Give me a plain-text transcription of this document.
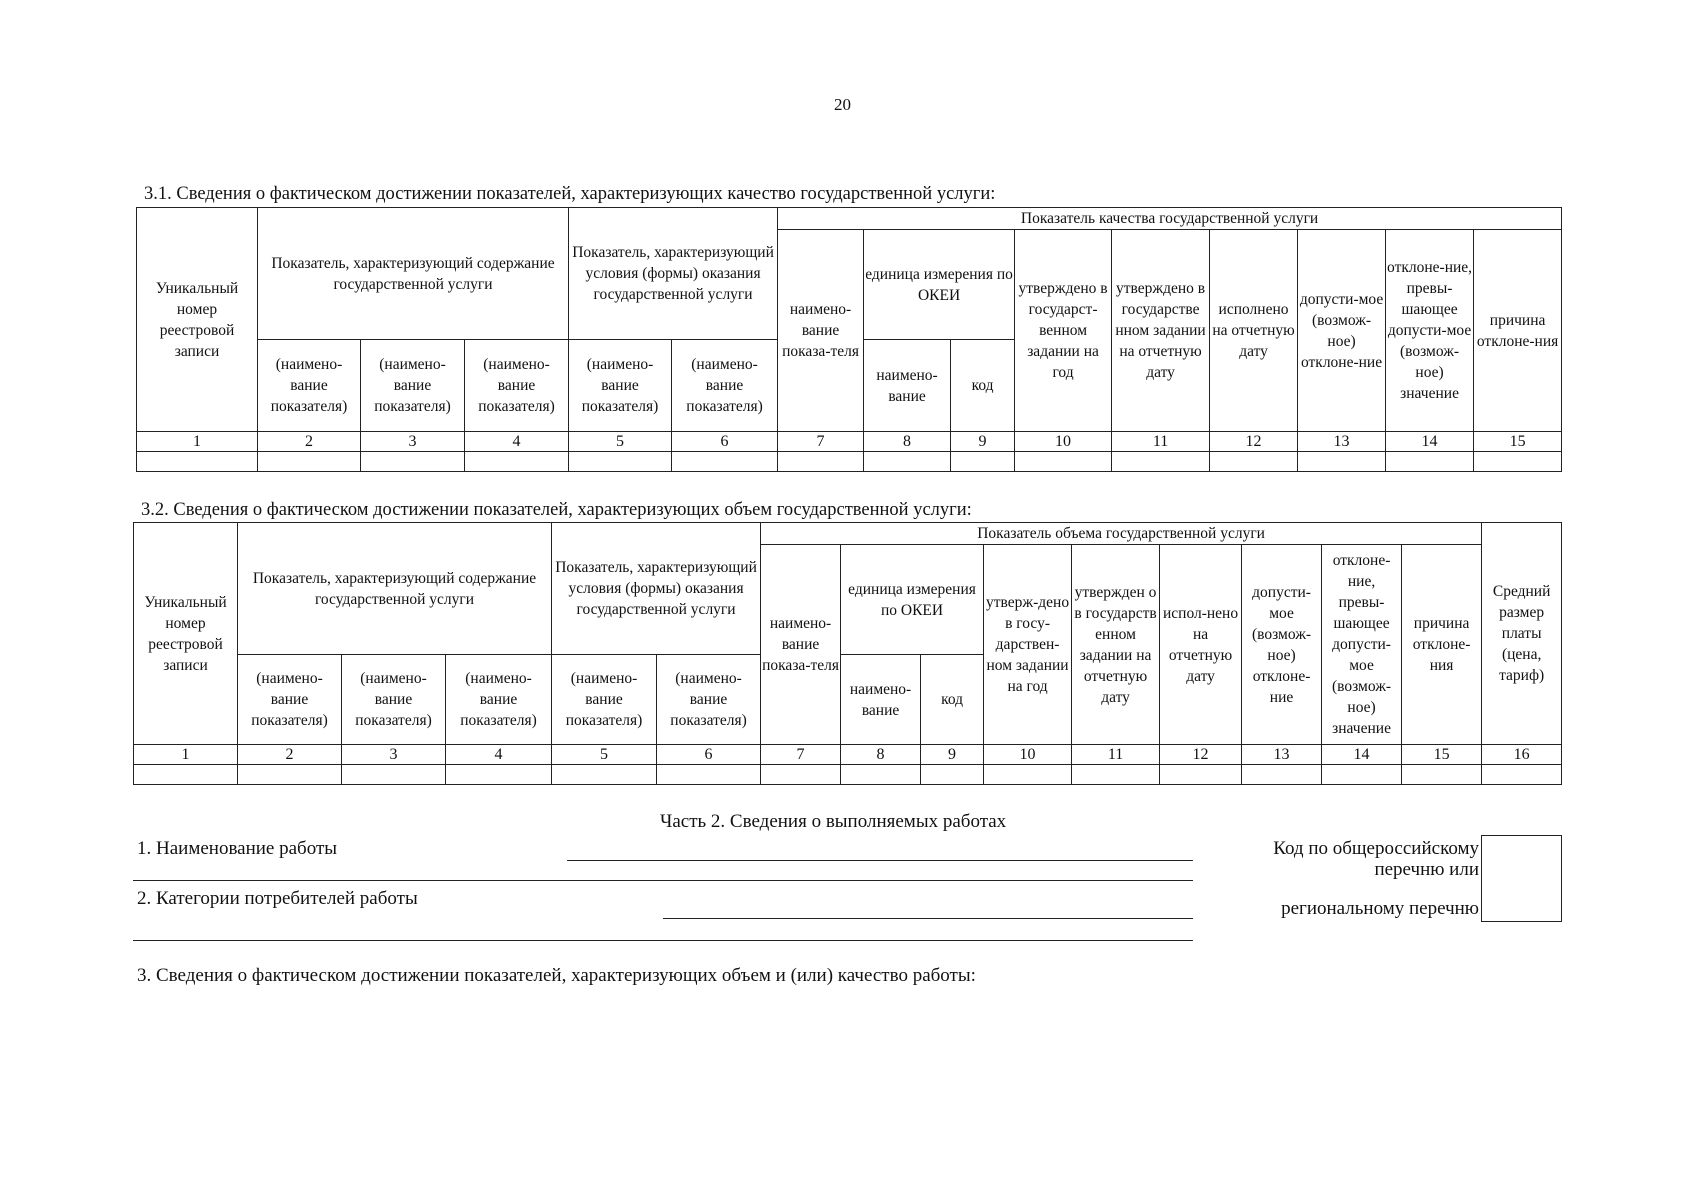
20
3.1. Сведения о фактическом достижении показателей, характеризующих качество государственной услуги:
Уникальный номер реестровой записи	Показатель, характеризующий содержание государственной услуги			Показатель, характеризующий условия (формы) оказания государственной услуги		Показатель качества государственной услуги								
						наимено-вание показа-теля	единица измерения по ОКЕИ		утверждено в государст-венном задании на год	утверждено в государстве нном задании на отчетную дату	исполнено на отчетную дату	допусти-мое (возмож-ное) отклоне-ние	отклоне-ние, превы-шающее допусти-мое (возмож-ное) значение	причина отклоне-ния
	(наимено-вание показателя)	(наимено-вание показателя)	(наимено-вание показателя)	(наимено-вание показателя)	(наимено-вание показателя)		наимено-вание	код						
1	2	3	4	5	6	7	8	9	10	11	12	13	14	15

3.2. Сведения о фактическом достижении показателей, характеризующих объем государственной услуги:
Уникальный номер реестровой записи	Показатель, характеризующий содержание государственной услуги			Показатель, характеризующий условия (формы) оказания государственной услуги		Показатель объема государственной услуги									Средний размер платы (цена, тариф)
						наимено-вание показа-теля	единица измерения по ОКЕИ		утверж-дено в госу-дарствен-ном задании на год	утвержден о в государств енном задании на отчетную дату	испол-нено на отчетную дату	допусти-мое (возмож-ное) отклоне-ние	отклоне-ние, превы-шающее допусти-мое (возмож-ное) значение	причина отклоне-ния	
	(наимено-вание показателя)	(наимено-вание показателя)	(наимено-вание показателя)	(наимено-вание показателя)	(наимено-вание показателя)		наимено-вание	код							
1	2	3	4	5	6	7	8	9	10	11	12	13	14	15	16

Часть 2. Сведения о выполняемых работах
1. Наименование работы
2. Категории потребителей работы
Код по общероссийскому
перечню или
региональному перечню
3. Сведения о фактическом достижении показателей, характеризующих объем и (или) качество работы:
